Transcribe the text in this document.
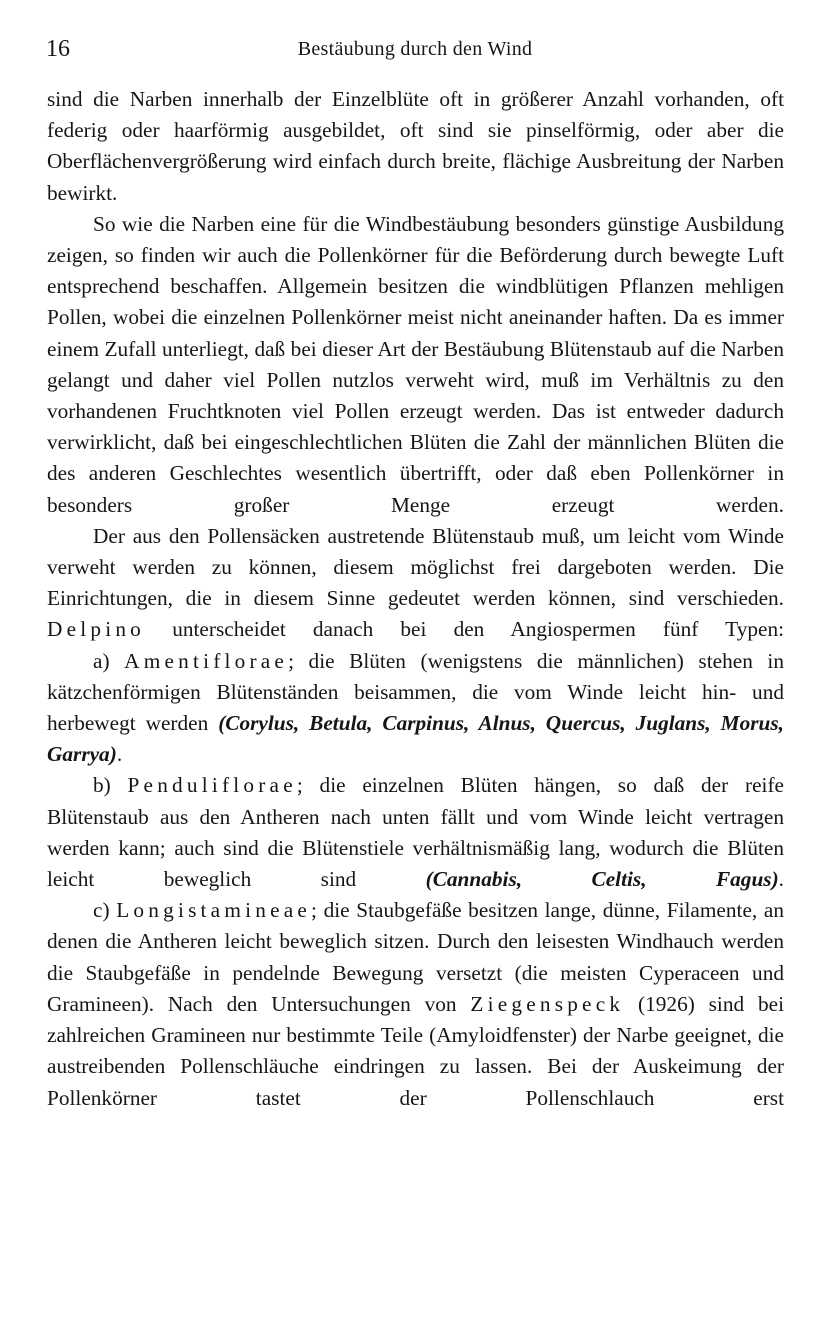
16	Bestäubung durch den Wind

sind die Narben innerhalb der Einzelblüte oft in größerer Anzahl vorhanden, oft federig oder haarförmig ausgebildet, oft sind sie pinselförmig, oder aber die Oberflächenvergrößerung wird einfach durch breite, flächige Ausbreitung der Narben bewirkt.

So wie die Narben eine für die Windbestäubung besonders günstige Ausbildung zeigen, so finden wir auch die Pollenkörner für die Beförderung durch bewegte Luft entsprechend beschaffen. Allgemein besitzen die windblütigen Pflanzen mehligen Pollen, wobei die einzelnen Pollenkörner meist nicht aneinander haften. Da es immer einem Zufall unterliegt, daß bei dieser Art der Bestäubung Blütenstaub auf die Narben gelangt und daher viel Pollen nutzlos verweht wird, muß im Verhältnis zu den vorhandenen Fruchtknoten viel Pollen erzeugt werden. Das ist entweder dadurch verwirklicht, daß bei eingeschlechtlichen Blüten die Zahl der männlichen Blüten die des anderen Geschlechtes wesentlich übertrifft, oder daß eben Pollenkörner in besonders großer Menge erzeugt werden.

Der aus den Pollensäcken austretende Blütenstaub muß, um leicht vom Winde verweht werden zu können, diesem möglichst frei dargeboten werden. Die Einrichtungen, die in diesem Sinne gedeutet werden können, sind verschieden. Delpino unterscheidet danach bei den Angiospermen fünf Typen:

a) Amentiflorae; die Blüten (wenigstens die männlichen) stehen in kätzchenförmigen Blütenständen beisammen, die vom Winde leicht hin- und herbewegt werden (Corylus, Betula, Carpinus, Alnus, Quercus, Juglans, Morus, Garrya).

b) Penduliflorae; die einzelnen Blüten hängen, so daß der reife Blütenstaub aus den Antheren nach unten fällt und vom Winde leicht vertragen werden kann; auch sind die Blütenstiele verhältnismäßig lang, wodurch die Blüten leicht beweglich sind	(Cannabis, Celtis, Fagus).

c) Longistamineae; die Staubgefäße besitzen lange, dünne, Filamente, an denen die Antheren leicht beweglich sitzen. Durch den leisesten Windhauch werden die Staubgefäße in pendelnde Bewegung versetzt (die meisten Cyperaceen und Gramineen). Nach den Untersuchungen von Ziegenspeck (1926) sind bei zahlreichen Gramineen nur bestimmte Teile (Amyloidfenster) der Narbe geeignet, die austreibenden Pollenschläuche eindringen zu lassen. Bei der Auskeimung der Pollenkörner tastet der Pollenschlauch erst
